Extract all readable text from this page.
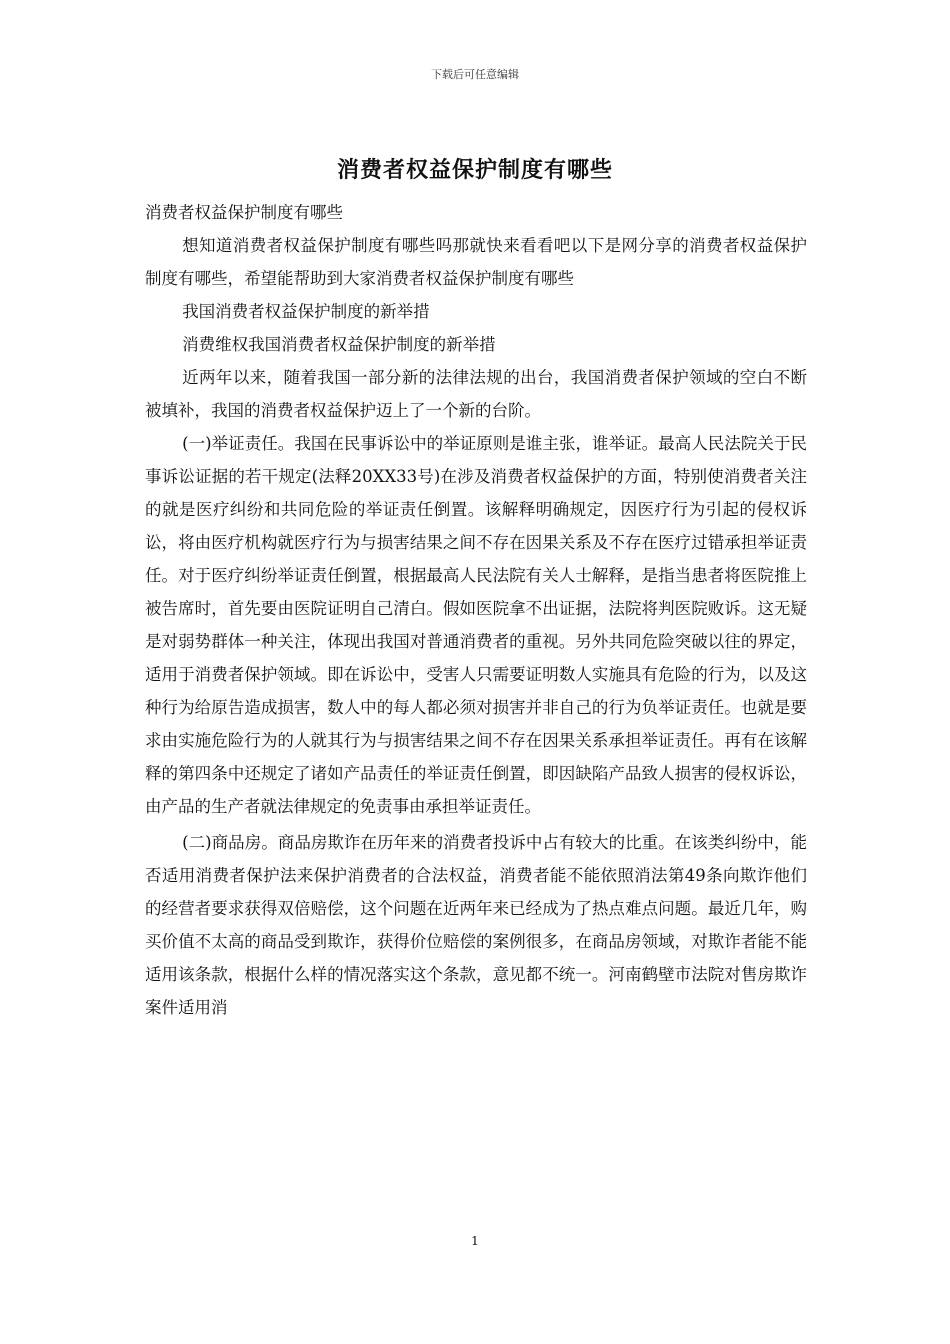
下载后可任意编辑
消费者权益保护制度有哪些

消费者权益保护制度有哪些

想知道消费者权益保护制度有哪些吗那就快来看看吧以下是网分享的消费者权益保护制度有哪些，希望能帮助到大家消费者权益保护制度有哪些

我国消费者权益保护制度的新举措

消费维权我国消费者权益保护制度的新举措

近两年以来，随着我国一部分新的法律法规的出台，我国消费者保护领域的空白不断被填补，我国的消费者权益保护迈上了一个新的台阶。

(一)举证责任。我国在民事诉讼中的举证原则是谁主张，谁举证。最高人民法院关于民事诉讼证据的若干规定(法释20XX33号)在涉及消费者权益保护的方面，特别使消费者关注的就是医疗纠纷和共同危险的举证责任倒置。该解释明确规定，因医疗行为引起的侵权诉讼，将由医疗机构就医疗行为与损害结果之间不存在因果关系及不存在医疗过错承担举证责任。对于医疗纠纷举证责任倒置，根据最高人民法院有关人士解释，是指当患者将医院推上被告席时，首先要由医院证明自己清白。假如医院拿不出证据，法院将判医院败诉。这无疑是对弱势群体一种关注，体现出我国对普通消费者的重视。另外共同危险突破以往的界定，适用于消费者保护领域。即在诉讼中，受害人只需要证明数人实施具有危险的行为，以及这种行为给原告造成损害，数人中的每人都必须对损害并非自己的行为负举证责任。也就是要求由实施危险行为的人就其行为与损害结果之间不存在因果关系承担举证责任。再有在该解释的第四条中还规定了诸如产品责任的举证责任倒置，即因缺陷产品致人损害的侵权诉讼，由产品的生产者就法律规定的免责事由承担举证责任。

(二)商品房。商品房欺诈在历年来的消费者投诉中占有较大的比重。在该类纠纷中，能否适用消费者保护法来保护消费者的合法权益，消费者能不能依照消法第49条向欺诈他们的经营者要求获得双倍赔偿，这个问题在近两年来已经成为了热点难点问题。最近几年，购买价值不太高的商品受到欺诈，获得价位赔偿的案例很多，在商品房领域，对欺诈者能不能适用该条款，根据什么样的情况落实这个条款，意见都不统一。河南鹤壁市法院对售房欺诈案件适用消

1
